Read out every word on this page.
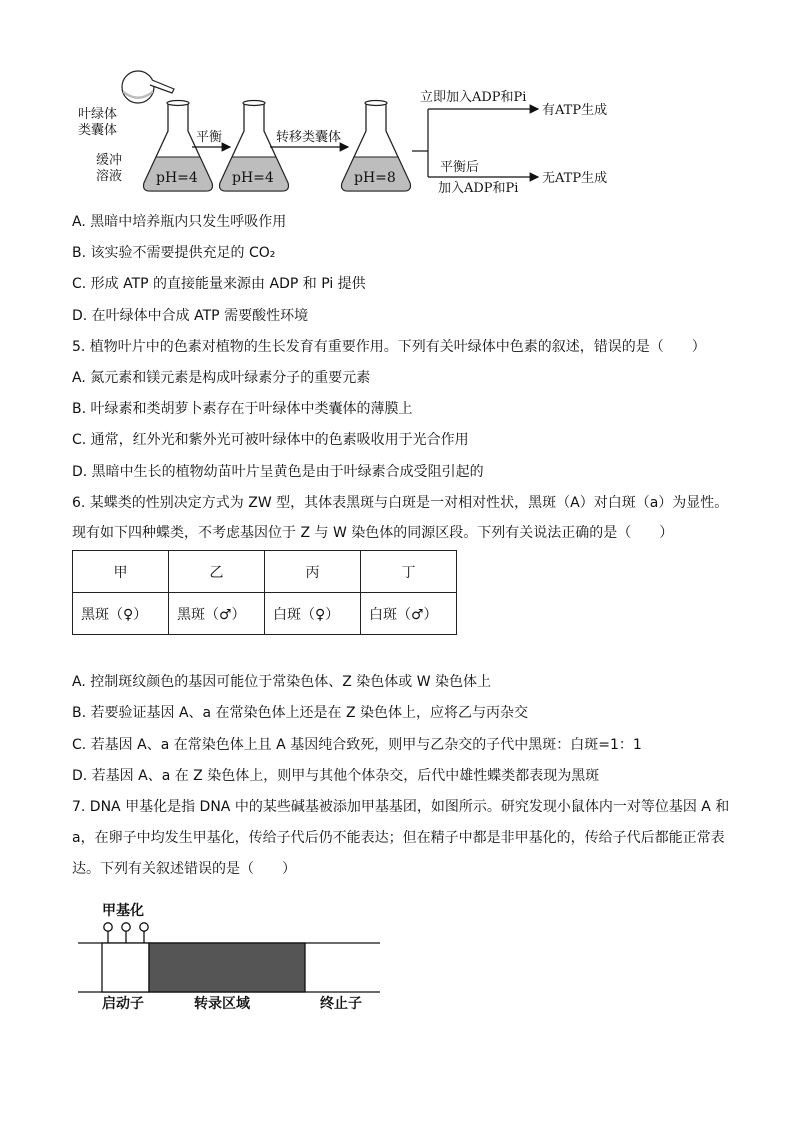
叶绿体
类囊体
缓冲
溶液 pH=4 pH=4	pH=8
平衡	转移类囊体
立即加入ADP和Pi
平衡后
加入ADP和Pi
有ATP生成
无ATP生成
A. 黑暗中培养瓶内只发生呼吸作用
B. 该实验不需要提供充足的 CO₂
C. 形成 ATP 的直接能量来源由 ADP 和 Pi 提供
D. 在叶绿体中合成 ATP 需要酸性环境
5. 植物叶片中的色素对植物的生长发育有重要作用。下列有关叶绿体中色素的叙述，错误的是（　　）
A. 氮元素和镁元素是构成叶绿素分子的重要元素
B. 叶绿素和类胡萝卜素存在于叶绿体中类囊体的薄膜上
C. 通常，红外光和紫外光可被叶绿体中的色素吸收用于光合作用
D. 黑暗中生长的植物幼苗叶片呈黄色是由于叶绿素合成受阻引起的
6. 某蝶类的性别决定方式为 ZW 型，其体表黑斑与白斑是一对相对性状，黑斑（A）对白斑（a）为显性。
现有如下四种蝶类，不考虑基因位于 Z 与 W 染色体的同源区段。下列有关说法正确的是（　　）
甲	乙	丙	丁
黑斑（♀）	黑斑（♂）	白斑（♀）	白斑（♂）
A. 控制斑纹颜色的基因可能位于常染色体、Z 染色体或 W 染色体上
B. 若要验证基因 A、a 在常染色体上还是在 Z 染色体上，应将乙与丙杂交
C. 若基因 A、a 在常染色体上且 A 基因纯合致死，则甲与乙杂交的子代中黑斑：白斑=1：1
D. 若基因 A、a 在 Z 染色体上，则甲与其他个体杂交，后代中雄性蝶类都表现为黑斑
7. DNA 甲基化是指 DNA 中的某些碱基被添加甲基基团，如图所示。研究发现小鼠体内一对等位基因 A 和
a，在卵子中均发生甲基化，传给子代后仍不能表达；但在精子中都是非甲基化的，传给子代后都能正常表
达。下列有关叙述错误的是（　　）
甲基化
启动子	转录区域	终止子
